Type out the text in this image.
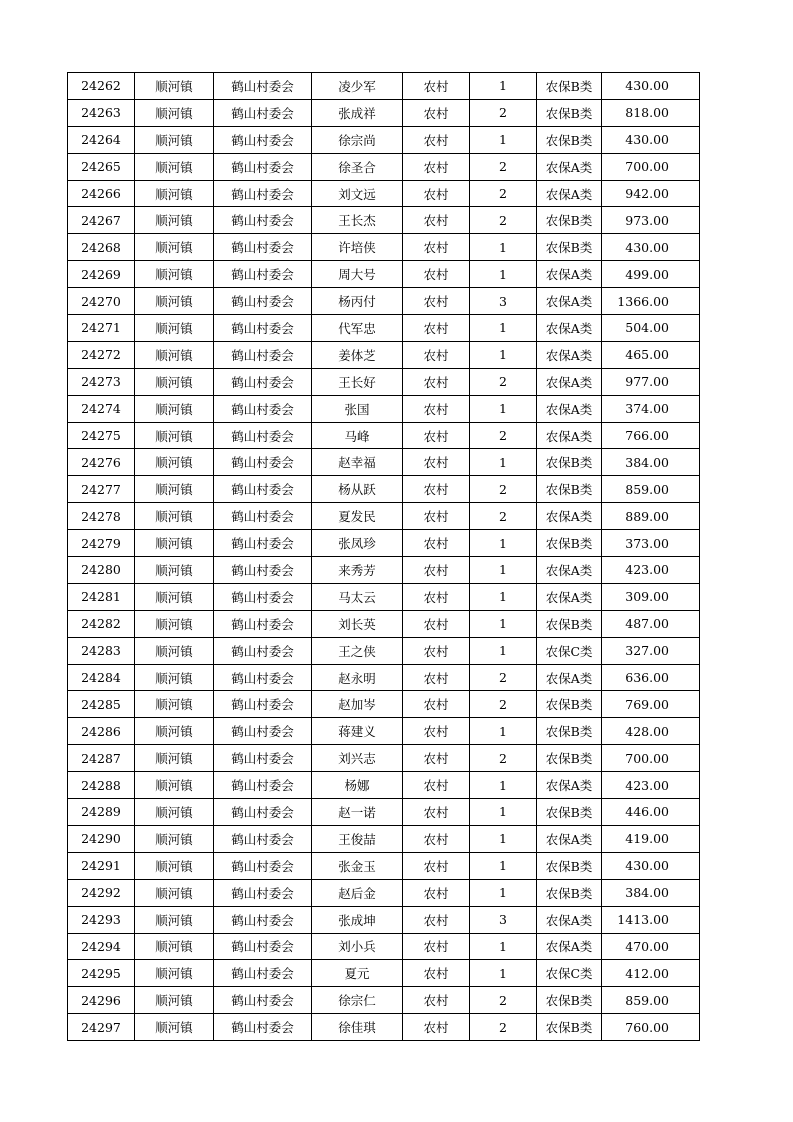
24262	顺河镇	鹤山村委会	凌少军	农村	1	农保B类	430.00
24263	顺河镇	鹤山村委会	张成祥	农村	2	农保B类	818.00
24264	顺河镇	鹤山村委会	徐宗尚	农村	1	农保B类	430.00
24265	顺河镇	鹤山村委会	徐圣合	农村	2	农保A类	700.00
24266	顺河镇	鹤山村委会	刘文远	农村	2	农保A类	942.00
24267	顺河镇	鹤山村委会	王长杰	农村	2	农保B类	973.00
24268	顺河镇	鹤山村委会	许培侠	农村	1	农保B类	430.00
24269	顺河镇	鹤山村委会	周大号	农村	1	农保A类	499.00
24270	顺河镇	鹤山村委会	杨丙付	农村	3	农保A类	1366.00
24271	顺河镇	鹤山村委会	代军忠	农村	1	农保A类	504.00
24272	顺河镇	鹤山村委会	姜体芝	农村	1	农保A类	465.00
24273	顺河镇	鹤山村委会	王长好	农村	2	农保A类	977.00
24274	顺河镇	鹤山村委会	张国	农村	1	农保A类	374.00
24275	顺河镇	鹤山村委会	马峰	农村	2	农保A类	766.00
24276	顺河镇	鹤山村委会	赵幸福	农村	1	农保B类	384.00
24277	顺河镇	鹤山村委会	杨从跃	农村	2	农保B类	859.00
24278	顺河镇	鹤山村委会	夏发民	农村	2	农保A类	889.00
24279	顺河镇	鹤山村委会	张凤珍	农村	1	农保B类	373.00
24280	顺河镇	鹤山村委会	来秀芳	农村	1	农保A类	423.00
24281	顺河镇	鹤山村委会	马太云	农村	1	农保A类	309.00
24282	顺河镇	鹤山村委会	刘长英	农村	1	农保B类	487.00
24283	顺河镇	鹤山村委会	王之侠	农村	1	农保C类	327.00
24284	顺河镇	鹤山村委会	赵永明	农村	2	农保A类	636.00
24285	顺河镇	鹤山村委会	赵加岑	农村	2	农保B类	769.00
24286	顺河镇	鹤山村委会	蒋建义	农村	1	农保B类	428.00
24287	顺河镇	鹤山村委会	刘兴志	农村	2	农保B类	700.00
24288	顺河镇	鹤山村委会	杨娜	农村	1	农保A类	423.00
24289	顺河镇	鹤山村委会	赵一诺	农村	1	农保B类	446.00
24290	顺河镇	鹤山村委会	王俊喆	农村	1	农保A类	419.00
24291	顺河镇	鹤山村委会	张金玉	农村	1	农保B类	430.00
24292	顺河镇	鹤山村委会	赵后金	农村	1	农保B类	384.00
24293	顺河镇	鹤山村委会	张成坤	农村	3	农保A类	1413.00
24294	顺河镇	鹤山村委会	刘小兵	农村	1	农保A类	470.00
24295	顺河镇	鹤山村委会	夏元	农村	1	农保C类	412.00
24296	顺河镇	鹤山村委会	徐宗仁	农村	2	农保B类	859.00
24297	顺河镇	鹤山村委会	徐佳琪	农村	2	农保B类	760.00
